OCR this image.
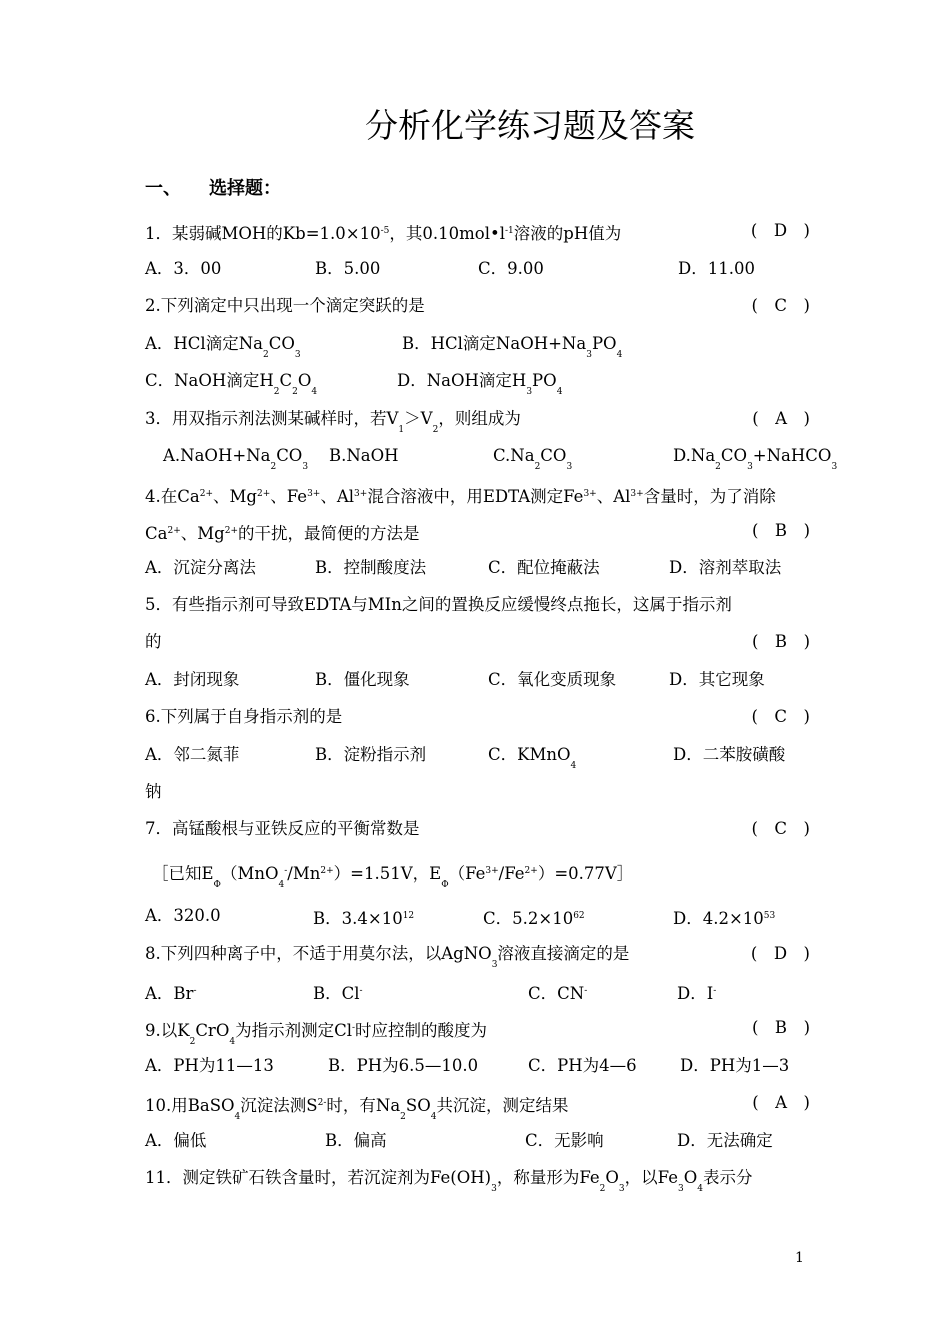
分析化学练习题及答案
一、 选择题：
1．某弱碱MOH的$Kb=1.0\times 10^{-5}$，其$0.10mol•l^{-1}$溶液的pH值为	(　D　)
A．3．00	B．5.00	C．9.00	D．11.00
2.下列滴定中只出现一个滴定突跃的是	(　C　)
A．HCl滴定$Na_2CO_3$
B．HCl滴定$NaOH+Na_3PO_4$
C．NaOH滴定$H_2C_2O_4$
D．NaOH滴定$H_3PO_4$
3．用双指示剂法测某碱样时，若$V_1>V_2$，则组成为	(　A　)
$A.NaOH+Na_2CO_3$
B.NaOH	$C.Na_2CO_3$
$D.Na_2CO_3+NaHCO_3$
4.在$Ca^{2+}$、$Mg^{2+}$、$Fe^{3+}$、$Al^{3+}$混合溶液中，用EDTA测定$Fe^{3+}$、$Al^{3+}$含量时，为了消除
$Ca^{2+}$、$Mg^{2+}$的干扰，最简便的方法是	(　B　)
A．沉淀分离法	B．控制酸度法	C．配位掩蔽法	D．溶剂萃取法
5．有些指示剂可导致EDTA与MIn之间的置换反应缓慢终点拖长，这属于指示剂
的	(　B　)
A．封闭现象	B．僵化现象	C．氧化变质现象	D．其它现象
6.下列属于自身指示剂的是	(　C　)
A．邻二氮菲	B．淀粉指示剂	C．KMnO$_4$
D．二苯胺磺酸
钠
7．高锰酸根与亚铁反应的平衡常数是	(　C　)
［已知$E_\Phi(MnO_4^-/Mn^{2+})=1.51V$，$E_\Phi(Fe^{3+}/Fe^{2+})=0.77V]$
A．320.0	B．$3.4\times 10^{12}$	C．$5.2\times 10^{62}$	D．$4.2\times 10^{53}$
8.下列四种离子中，不适于用莫尔法，以AgNO$_3$溶液直接滴定的是	(　D　)
A．Br-	B．Cl-	C．CN-	D．I-
9.以$K_2CrO_4$为指示剂测定Cl-时应控制的酸度为	(　B　)
A．PH为11—13	B．PH为6.5—10.0	C．PH为4—6	D．PH为1—3
10.用BaSO$_4$沉淀法测$S^{2-}$时，有$Na_2SO_4$共沉淀，测定结果	(　A　)
A．偏低	B．偏高	C．无影响	D．无法确定
11．测定铁矿石铁含量时，若沉淀剂为$Fe(OH)_3$，称量形为$Fe_2O_3$，以$Fe_3O_4$表示分
1
